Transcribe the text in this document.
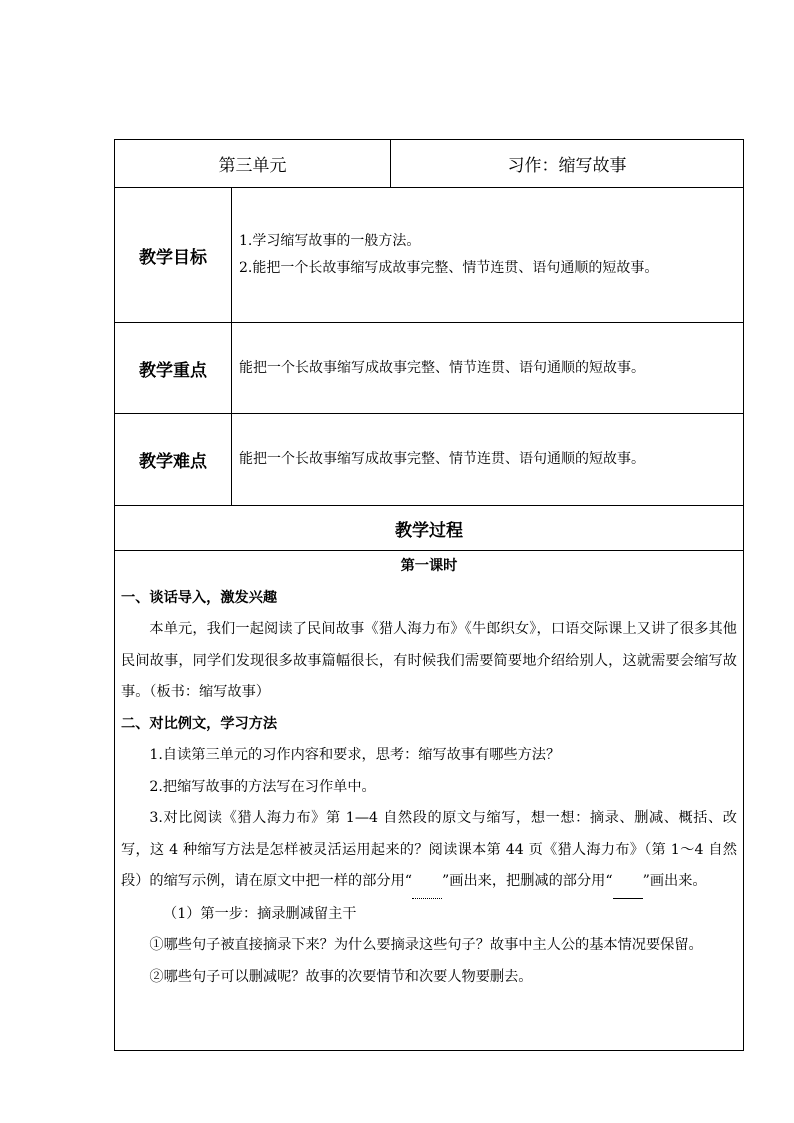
第三单元	习作：缩写故事
教学目标
1.学习缩写故事的一般方法。
2.能把一个长故事缩写成故事完整、情节连贯、语句通顺的短故事。
教学重点 能把一个长故事缩写成故事完整、情节连贯、语句通顺的短故事。
教学难点 能把一个长故事缩写成故事完整、情节连贯、语句通顺的短故事。
教学过程

第一课时

一、谈话导入，激发兴趣

本单元，我们一起阅读了民间故事《猎人海力布》《牛郎织女》，口语交际课上又讲了很多其他民间故事，同学们发现很多故事篇幅很长，有时候我们需要简要地介绍给别人，这就需要会缩写故事。（板书：缩写故事）

二、对比例文，学习方法

1.自读第三单元的习作内容和要求，思考：缩写故事有哪些方法？

2.把缩写故事的方法写在习作单中。

3.对比阅读《猎人海力布》第 1—4 自然段的原文与缩写，想一想：摘录、删减、概括、改写，这 4 种缩写方法是怎样被灵活运用起来的？阅读课本第 44 页《猎人海力布》（第 1～4 自然段）的缩写示例，请在原文中把一样的部分用“ ”画出来，把删减的部分用“ ”画出来。

（1）第一步：摘录删减留主干

①哪些句子被直接摘录下来？为什么要摘录这些句子？故事中主人公的基本情况要保留。

②哪些句子可以删减呢？故事的次要情节和次要人物要删去。
